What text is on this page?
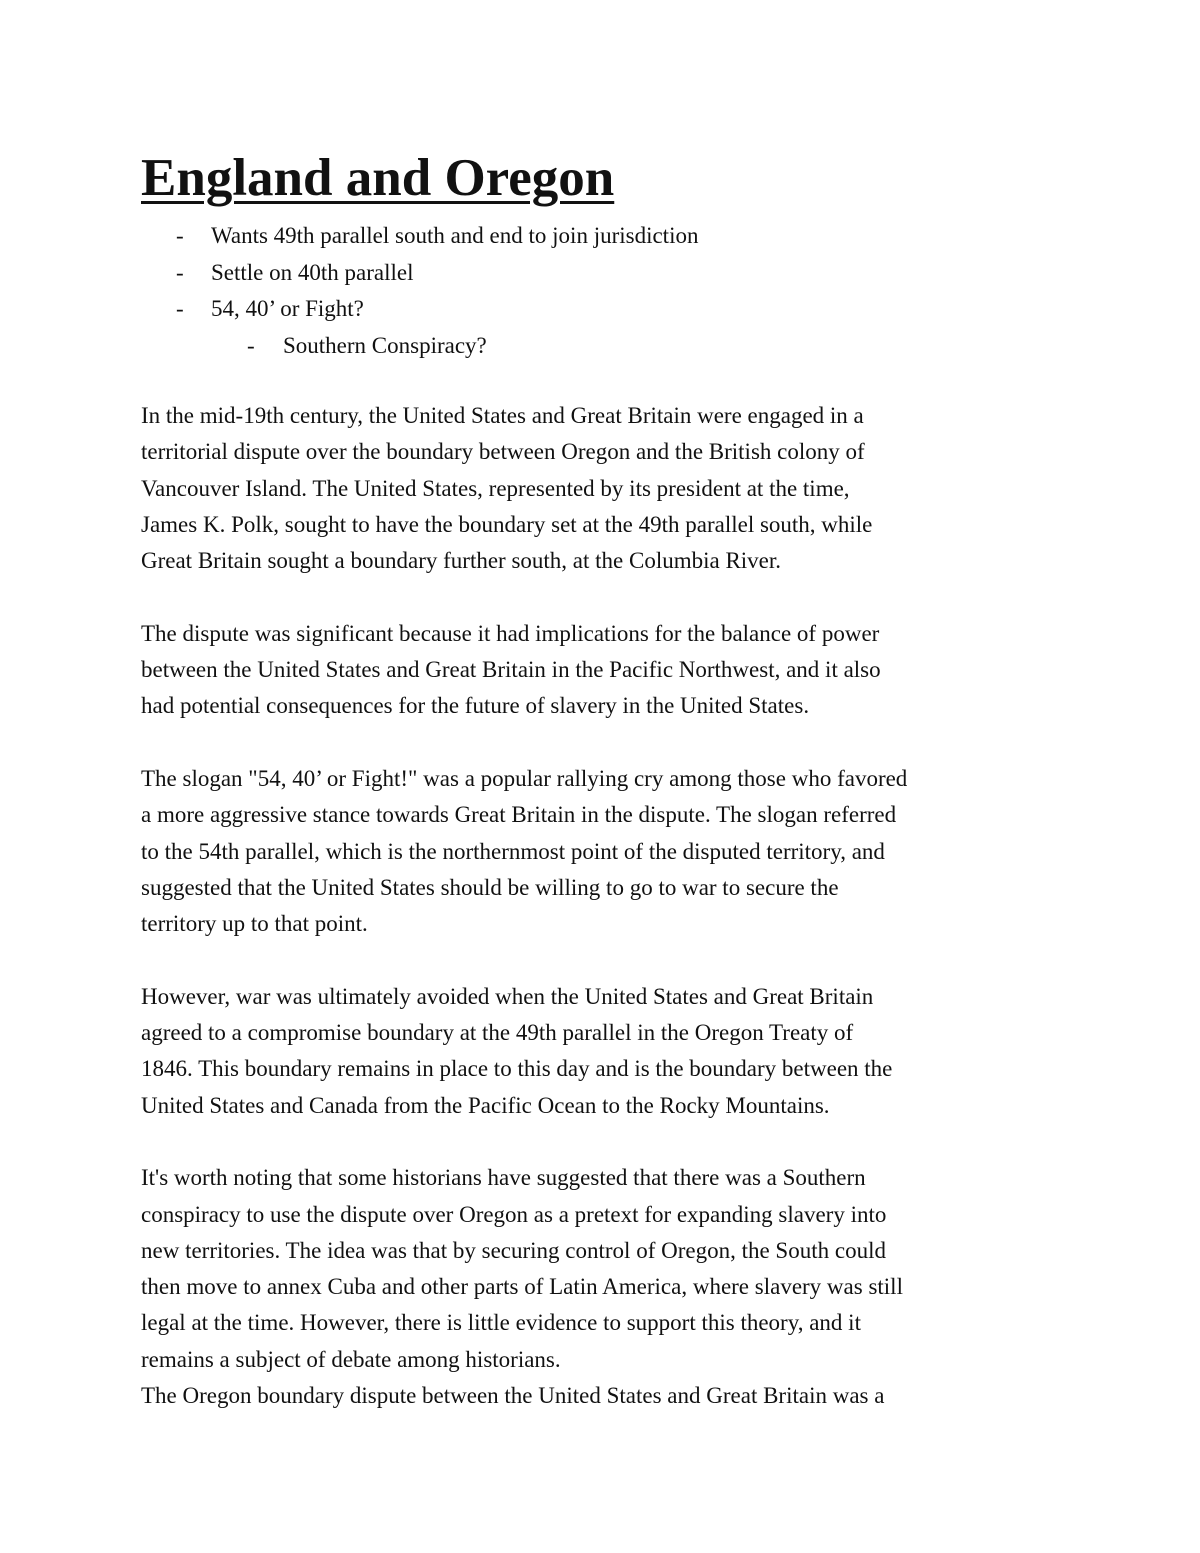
England and Oregon
- Wants 49th parallel south and end to join jurisdiction
- Settle on 40th parallel
- 54, 40’ or Fight?
- Southern Conspiracy?
In the mid-19th century, the United States and Great Britain were engaged in a
territorial dispute over the boundary between Oregon and the British colony of
Vancouver Island. The United States, represented by its president at the time,
James K. Polk, sought to have the boundary set at the 49th parallel south, while
Great Britain sought a boundary further south, at the Columbia River.
The dispute was significant because it had implications for the balance of power
between the United States and Great Britain in the Pacific Northwest, and it also
had potential consequences for the future of slavery in the United States.
The slogan "54, 40’ or Fight!" was a popular rallying cry among those who favored
a more aggressive stance towards Great Britain in the dispute. The slogan referred
to the 54th parallel, which is the northernmost point of the disputed territory, and
suggested that the United States should be willing to go to war to secure the
territory up to that point.
However, war was ultimately avoided when the United States and Great Britain
agreed to a compromise boundary at the 49th parallel in the Oregon Treaty of
1846. This boundary remains in place to this day and is the boundary between the
United States and Canada from the Pacific Ocean to the Rocky Mountains.
It's worth noting that some historians have suggested that there was a Southern
conspiracy to use the dispute over Oregon as a pretext for expanding slavery into
new territories. The idea was that by securing control of Oregon, the South could
then move to annex Cuba and other parts of Latin America, where slavery was still
legal at the time. However, there is little evidence to support this theory, and it
remains a subject of debate among historians.
The Oregon boundary dispute between the United States and Great Britain was a
